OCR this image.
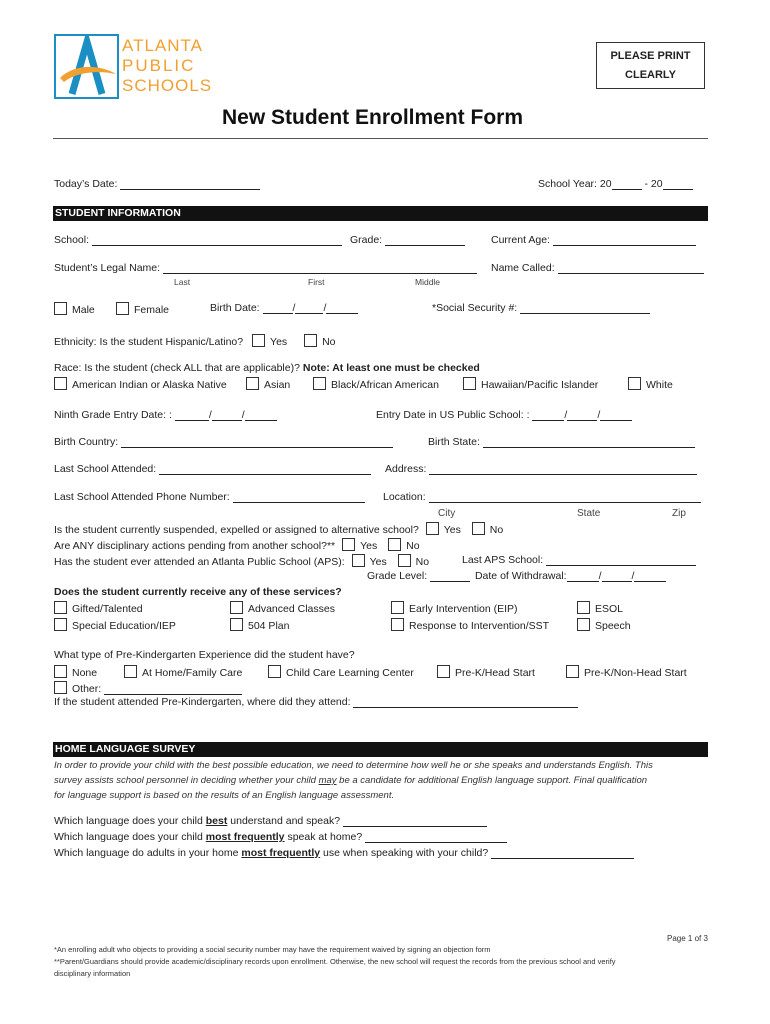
ATLANTA
PUBLIC
SCHOOLS
PLEASE PRINT
CLEARLY
New Student Enrollment Form
Today’s Date:	School Year: 20	- 20
STUDENT INFORMATION
School:	Grade:	Current Age:
Student’s Legal Name:	Name Called:
Last	First	Middle
Male	Female	Birth Date:	/	/	*Social Security #:
Ethnicity: Is the student Hispanic/Latino?	Yes	No
Race: Is the student (check ALL that are applicable)? Note: At least one must be checked
American Indian or Alaska Native	Asian	Black/African American	Hawaiian/Pacific Islander	White
Ninth Grade Entry Date: :	/	/	Entry Date in US Public School: :	/	/
Birth Country:	Birth State:
Last School Attended:	Address:
Last School Attended Phone Number:	Location:
City	State	Zip
Is the student currently suspended, expelled or assigned to alternative school? Yes	No
Are ANY disciplinary actions pending from another school?** Yes	No
Has the student ever attended an Atlanta Public School (APS): Yes	No	Last APS School:
Grade Level:	Date of Withdrawal:	/	/
Does the student currently receive any of these services?
Gifted/Talented	Advanced Classes	Early Intervention (EIP)	ESOL
Special Education/IEP	504 Plan	Response to Intervention/SST	Speech
What type of Pre-Kindergarten Experience did the student have?
None	At Home/Family Care	Child Care Learning Center	Pre-K/Head Start	Pre-K/Non-Head Start
Other:
If the student attended Pre-Kindergarten, where did they attend:
HOME LANGUAGE SURVEY
In order to provide your child with the best possible education, we need to determine how well he or she speaks and understands English. This
survey assists school personnel in deciding whether your child may be a candidate for additional English language support. Final qualification
for language support is based on the results of an English language assessment.
Which language does your child best understand and speak?
Which language does your child most frequently speak at home?
Which language do adults in your home most frequently use when speaking with your child?
Page 1 of 3
*An enrolling adult who objects to providing a social security number may have the requirement waived by signing an objection form
**Parent/Guardians should provide academic/disciplinary records upon enrollment. Otherwise, the new school will request the records from the previous school and verify
disciplinary information
